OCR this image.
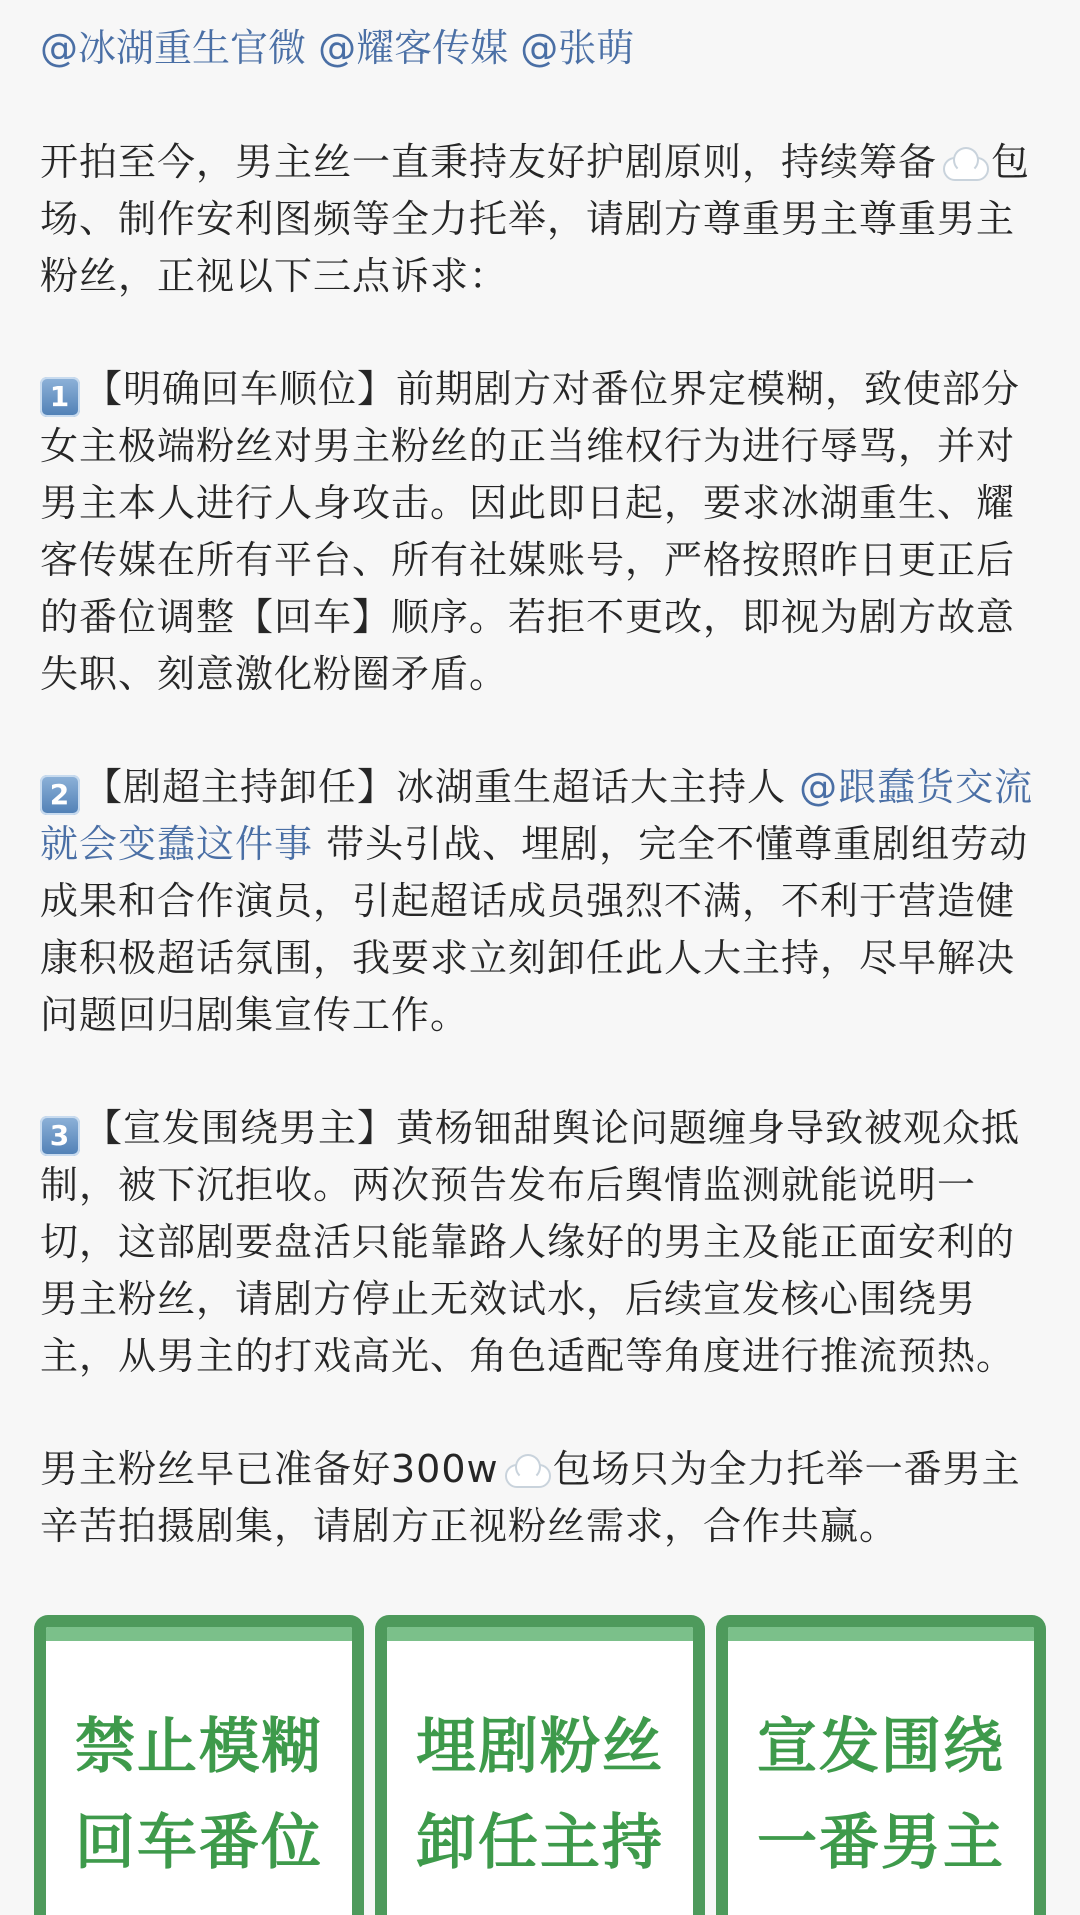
@冰湖重生官微 @耀客传媒 @张萌
开拍至今，男主丝一直秉持友好护剧原则，持续筹备 包场、制作安利图频等全力托举，请剧方尊重男主尊重男主粉丝，正视以下三点诉求：
1 【明确回车顺位】前期剧方对番位界定模糊，致使部分女主极端粉丝对男主粉丝的正当维权行为进行辱骂，并对男主本人进行人身攻击。因此即日起，要求冰湖重生、耀客传媒在所有平台、所有社媒账号，严格按照昨日更正后的番位调整【回车】顺序。若拒不更改，即视为剧方故意失职、刻意激化粉圈矛盾。
2 【剧超主持卸任】冰湖重生超话大主持人 @跟蠢货交流就会变蠢这件事 带头引战、埋剧，完全不懂尊重剧组劳动成果和合作演员，引起超话成员强烈不满，不利于营造健康积极超话氛围，我要求立刻卸任此人大主持，尽早解决问题回归剧集宣传工作。
3 【宣发围绕男主】黄杨钿甜舆论问题缠身导致被观众抵制，被下沉拒收。两次预告发布后舆情监测就能说明一切，这部剧要盘活只能靠路人缘好的男主及能正面安利的男主粉丝，请剧方停止无效试水，后续宣发核心围绕男主，从男主的打戏高光、角色适配等角度进行推流预热。
男主粉丝早已准备好300w 包场只为全力托举一番男主辛苦拍摄剧集，请剧方正视粉丝需求，合作共赢。
禁止模糊
回车番位
埋剧粉丝
卸任主持
宣发围绕
一番男主
